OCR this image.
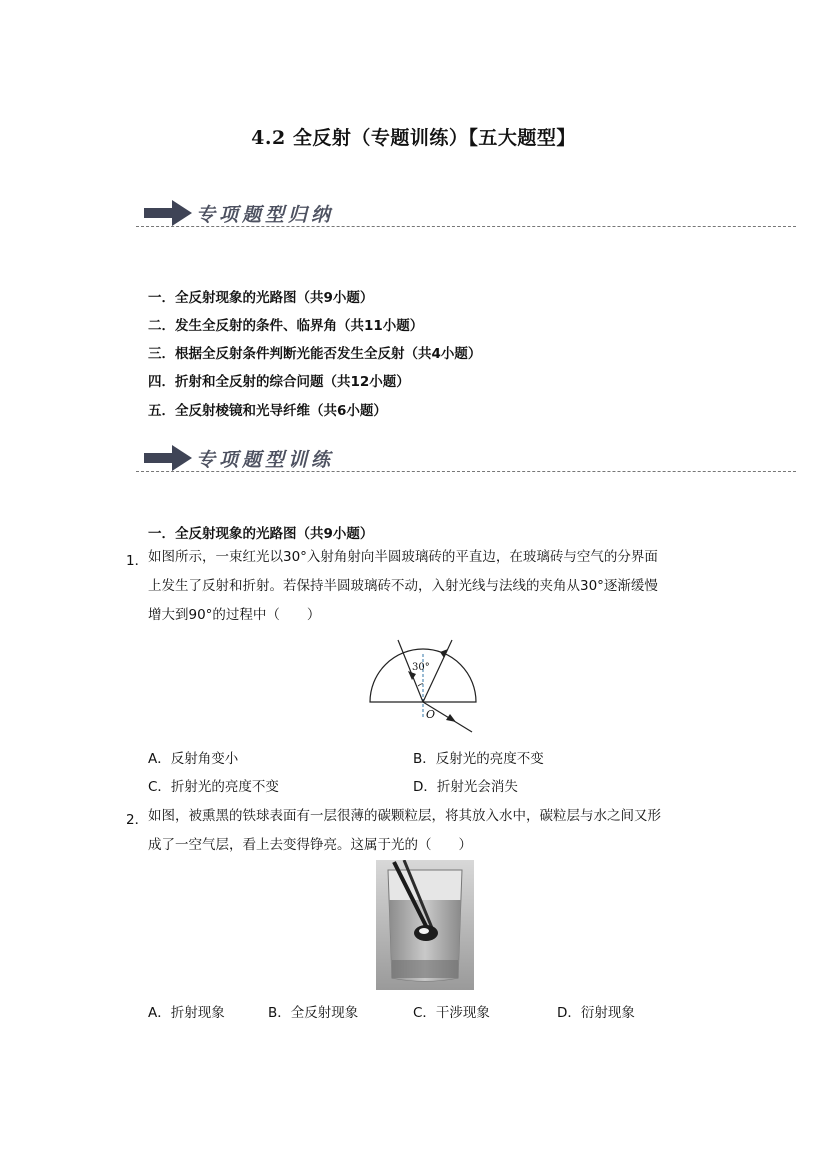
4.2 全反射（专题训练）【五大题型】
专项题型归纳
一．全反射现象的光路图（共9小题）
二．发生全反射的条件、临界角（共11小题）
三．根据全反射条件判断光能否发生全反射（共4小题）
四．折射和全反射的综合问题（共12小题）
五．全反射棱镜和光导纤维（共6小题）
专项题型训练
一．全反射现象的光路图（共9小题）
1． 如图所示，一束红光以30°入射角射向半圆玻璃砖的平直边，在玻璃砖与空气的分界面
上发生了反射和折射。若保持半圆玻璃砖不动，入射光线与法线的夹角从30°逐渐缓慢
增大到90°的过程中（　　）
30°
O
A．反射角变小	B．反射光的亮度不变
C．折射光的亮度不变	D．折射光会消失
2． 如图，被熏黑的铁球表面有一层很薄的碳颗粒层，将其放入水中，碳粒层与水之间又形
成了一空气层，看上去变得铮亮。这属于光的（　　）
A．折射现象	B．全反射现象	C．干涉现象	D．衍射现象
